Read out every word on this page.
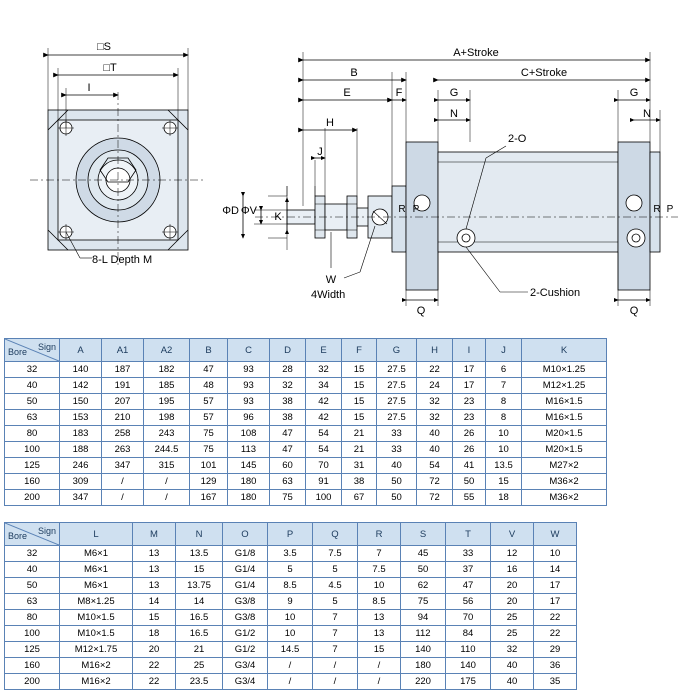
□S
□T
I
8-L Depth M
A+Stroke
C+Stroke
B
E	F	G	G
H
J
N	N
ΦD ΦV K
R P	R P
2-O
2-Cushion
Q	Q
W
4Width
Sign
Bore	A	A1	A2	B	C	D	E	F	G	H	I	J	K
32	140	187	182	47	93	28	32	15	27.5	22	17	6	M10×1.25
40	142	191	185	48	93	32	34	15	27.5	24	17	7	M12×1.25
50	150	207	195	57	93	38	42	15	27.5	32	23	8	M16×1.5
63	153	210	198	57	96	38	42	15	27.5	32	23	8	M16×1.5
80	183	258	243	75	108	47	54	21	33	40	26	10	M20×1.5
100	188	263	244.5	75	113	47	54	21	33	40	26	10	M20×1.5
125	246	347	315	101	145	60	70	31	40	54	41	13.5	M27×2
160	309	/	/	129	180	63	91	38	50	72	50	15	M36×2
200	347	/	/	167	180	75	100	67	50	72	55	18	M36×2
Sign
Bore	L	M	N	O	P	Q	R	S	T	V	W
32	M6×1	13	13.5	G1/8	3.5	7.5	7	45	33	12	10
40	M6×1	13	15	G1/4	5	5	7.5	50	37	16	14
50	M6×1	13	13.75	G1/4	8.5	4.5	10	62	47	20	17
63	M8×1.25	14	14	G3/8	9	5	8.5	75	56	20	17
80	M10×1.5	15	16.5	G3/8	10	7	13	94	70	25	22
100	M10×1.5	18	16.5	G1/2	10	7	13	112	84	25	22
125	M12×1.75	20	21	G1/2	14.5	7	15	140	110	32	29
160	M16×2	22	25	G3/4	/	/	/	180	140	40	36
200	M16×2	22	23.5	G3/4	/	/	/	220	175	40	35
